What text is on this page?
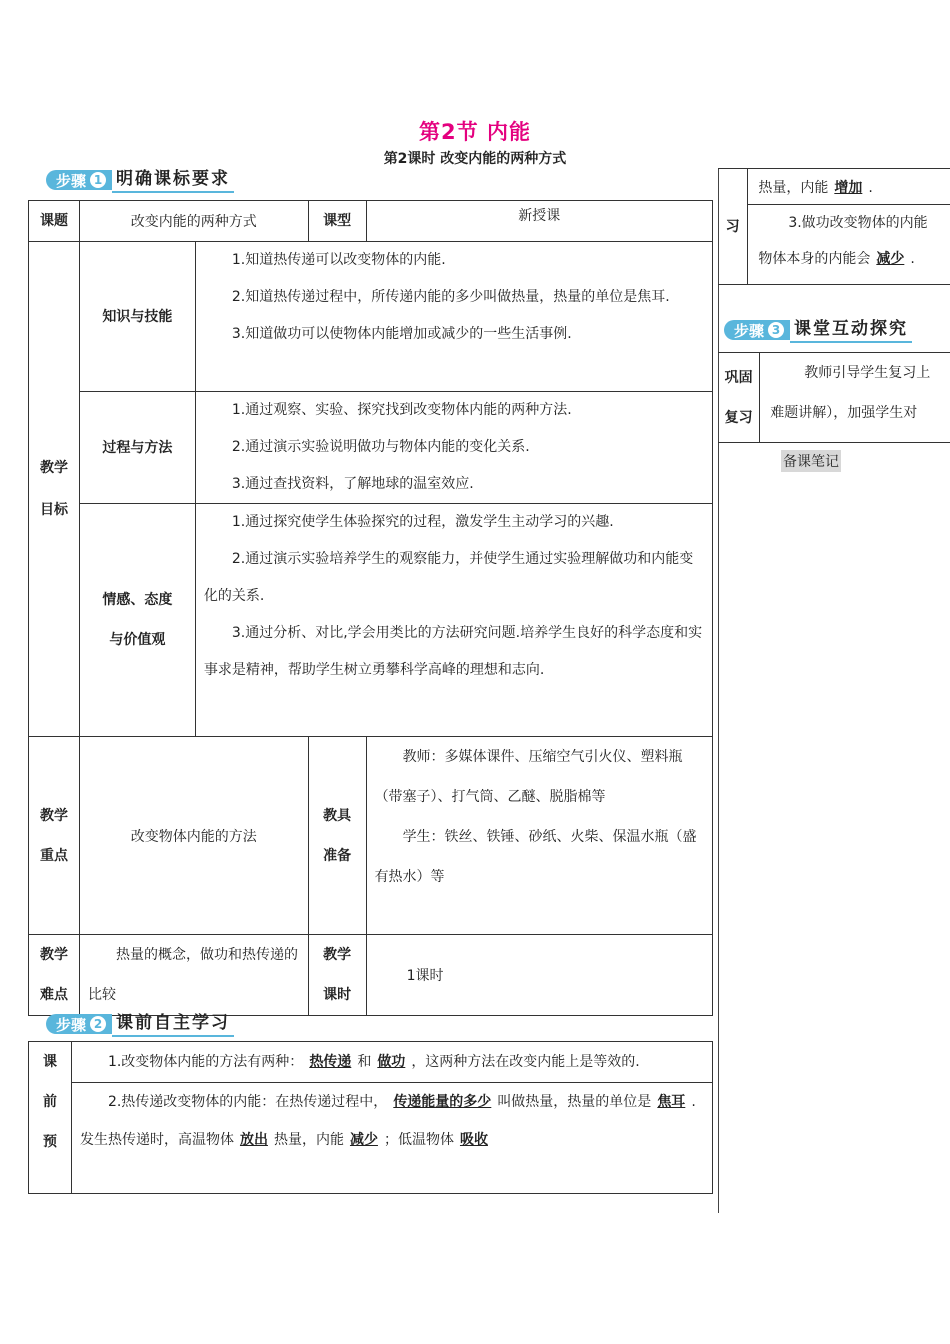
第2节 内能
第2课时 改变内能的两种方式
步骤 1 明确课标要求
课题	改变内能的两种方式		课型	新授课

教学目标	知识与技能	1.知道热传递可以改变物体的内能.
2.知道热传递过程中，所传递内能的多少叫做热量，热量的单位是焦耳.
3.知道做功可以使物体内能增加或减少的一些生活事例.		

	过程与方法	1.通过观察、实验、探究找到改变物体内能的两种方法.
2.通过演示实验说明做功与物体内能的变化关系.
3.通过查找资料，了解地球的温室效应.		

	情感、态度与价值观	1.通过探究使学生体验探究的过程，激发学生主动学习的兴趣.
2.通过演示实验培养学生的观察能力，并使学生通过实验理解做功和内能变化的关系.
3.通过分析、对比,学会用类比的方法研究问题.培养学生良好的科学态度和实事求是精神，帮助学生树立勇攀科学高峰的理想和志向.		

教学重点	改变物体内能的方法		教具准备	教师：多媒体课件、压缩空气引火仪、塑料瓶（带塞子）、打气筒、乙醚、脱脂棉等
学生：铁丝、铁锤、砂纸、火柴、保温水瓶（盛有热水）等

教学难点	热量的概念，做功和热传递的比较		教学课时	1课时
步骤 2 课前自主学习
课
前
预

1.改变物体内能的方法有两种： 热传递 和 做功 ，这两种方法在改变内能上是等效的.
2.热传递改变物体的内能：在热传递过程中， 传递能量的多少 叫做热量，热量的单位是 焦耳 .发生热传递时，高温物体 放出 热量，内能 减少 ；低温物体 吸收
习	热量，内能 增加 .

3.做功改变物体的内能
物体本身的内能会 减少 .
步骤 3 课堂互动探究
巩固
复习

教师引导学生复习上
难题讲解），加强学生对
备课笔记
